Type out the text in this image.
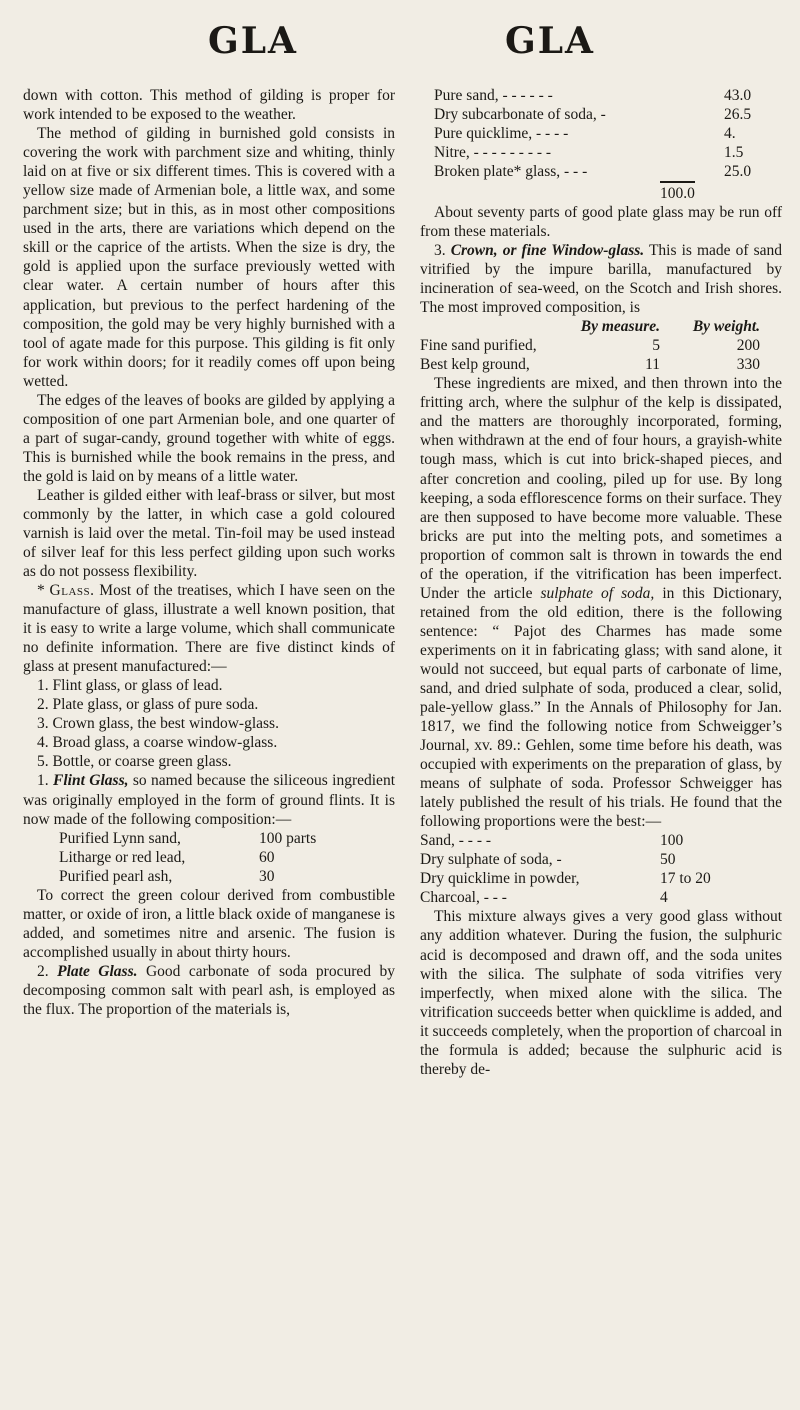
GLA	GLA

down with cotton. This method of gilding is proper for work intended to be exposed to the weather.

The method of gilding in burnished gold consists in covering the work with parchment size and whiting, thinly laid on at five or six different times. This is covered with a yellow size made of Armenian bole, a little wax, and some parchment size; but in this, as in most other compositions used in the arts, there are variations which depend on the skill or the caprice of the artists. When the size is dry, the gold is applied upon the surface previously wetted with clear water. A certain number of hours after this application, but previous to the perfect hardening of the composition, the gold may be very highly burnished with a tool of agate made for this purpose. This gilding is fit only for work within doors; for it readily comes off upon being wetted.

The edges of the leaves of books are gilded by applying a composition of one part Armenian bole, and one quarter of a part of sugar-candy, ground together with white of eggs. This is burnished while the book remains in the press, and the gold is laid on by means of a little water.

Leather is gilded either with leaf-brass or silver, but most commonly by the latter, in which case a gold coloured varnish is laid over the metal. Tin-foil may be used instead of silver leaf for this less perfect gilding upon such works as do not possess flexibility.

* Glass. Most of the treatises, which I have seen on the manufacture of glass, illustrate a well known position, that it is easy to write a large volume, which shall communicate no definite information. There are five distinct kinds of glass at present manufactured:—

1. Flint glass, or glass of lead.
2. Plate glass, or glass of pure soda.
3. Crown glass, the best window-glass.
4. Broad glass, a coarse window-glass.
5. Bottle, or coarse green glass.

1. Flint Glass, so named because the siliceous ingredient was originally employed in the form of ground flints. It is now made of the following composition:—

Purified Lynn sand,	100 parts
Litharge or red lead,	60
Purified pearl ash,	30

To correct the green colour derived from combustible matter, or oxide of iron, a little black oxide of manganese is added, and sometimes nitre and arsenic. The fusion is accomplished usually in about thirty hours.

2. Plate Glass. Good carbonate of soda procured by decomposing common salt with pearl ash, is employed as the flux. The proportion of the materials is,

Pure sand, - - - - - -	43.0
Dry subcarbonate of soda, -	26.5
Pure quicklime, - - - -	4.
Nitre, - - - - - - - - -	1.5
Broken plate* glass, - - -	25.0
100.0

About seventy parts of good plate glass may be run off from these materials.

3. Crown, or fine Window-glass. This is made of sand vitrified by the impure barilla, manufactured by incineration of sea-weed, on the Scotch and Irish shores. The most improved composition, is

By measure.	By weight.
Fine sand purified,	5	200
Best kelp ground,	11	330

These ingredients are mixed, and then thrown into the fritting arch, where the sulphur of the kelp is dissipated, and the matters are thoroughly incorporated, forming, when withdrawn at the end of four hours, a grayish-white tough mass, which is cut into brick-shaped pieces, and after concretion and cooling, piled up for use. By long keeping, a soda efflorescence forms on their surface. They are then supposed to have become more valuable. These bricks are put into the melting pots, and sometimes a proportion of common salt is thrown in towards the end of the operation, if the vitrification has been imperfect. Under the article sulphate of soda, in this Dictionary, retained from the old edition, there is the following sentence: “ Pajot des Charmes has made some experiments on it in fabricating glass; with sand alone, it would not succeed, but equal parts of carbonate of lime, sand, and dried sulphate of soda, produced a clear, solid, pale-yellow glass.” In the Annals of Philosophy for Jan. 1817, we find the following notice from Schweigger’s Journal, xv. 89.: Gehlen, some time before his death, was occupied with experiments on the preparation of glass, by means of sulphate of soda. Professor Schweigger has lately published the result of his trials. He found that the following proportions were the best:—

Sand, - - - -	100
Dry sulphate of soda, -	50
Dry quicklime in powder,	17 to 20
Charcoal, - - -	4

This mixture always gives a very good glass without any addition whatever. During the fusion, the sulphuric acid is decomposed and drawn off, and the soda unites with the silica. The sulphate of soda vitrifies very imperfectly, when mixed alone with the silica. The vitrification succeeds better when quicklime is added, and it succeeds completely, when the proportion of charcoal in the formula is added; because the sulphuric acid is thereby de-
